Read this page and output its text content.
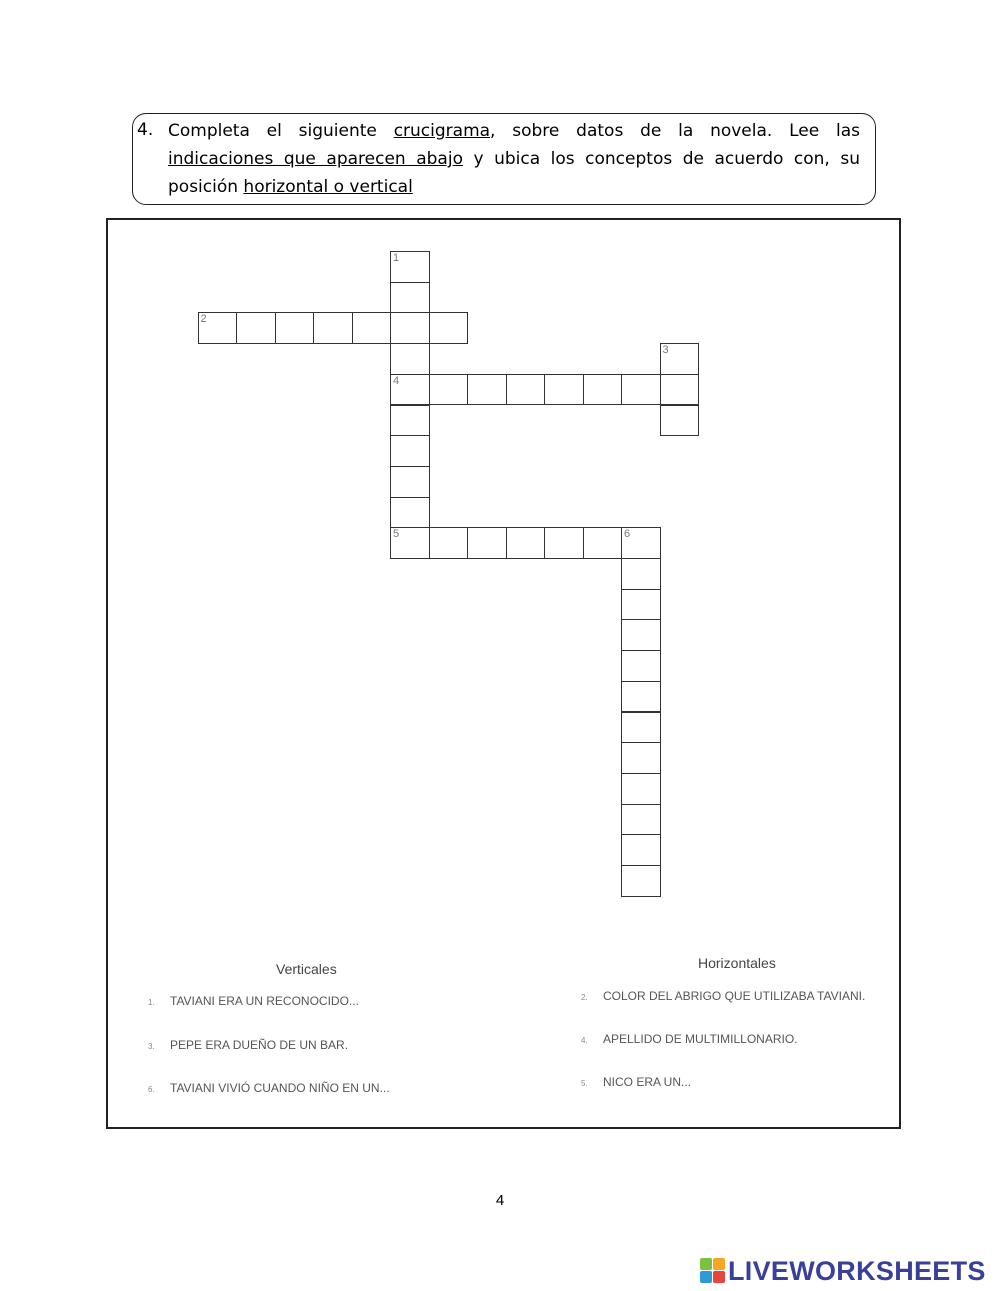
4. Completa el siguiente crucigrama, sobre datos de la novela. Lee las
indicaciones que aparecen abajo y ubica los conceptos de acuerdo con, su
posición horizontal o vertical
1
2
3
4
5	6
Verticales	Horizontales
1. TAVIANI ERA UN RECONOCIDO...
3. PEPE ERA DUEÑO DE UN BAR.
6. TAVIANI VIVIÓ CUANDO NIÑO EN UN...
2. COLOR DEL ABRIGO QUE UTILIZABA TAVIANI.
4. APELLIDO DE MULTIMILLONARIO.
5. NICO ERA UN...
4
LIVEWORKSHEETS
